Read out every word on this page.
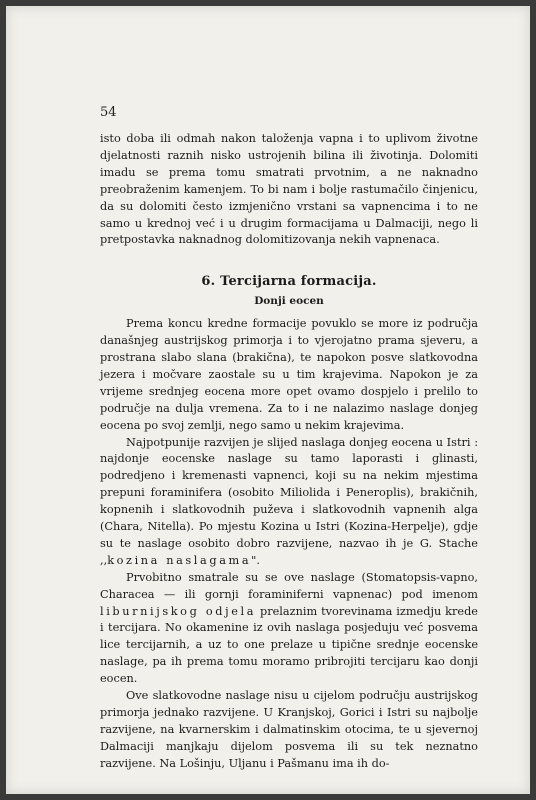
54

isto doba ili odmah nakon taloženja vapna i to uplivom životne djelatnosti raznih nisko ustrojenih bilina ili životinja. Dolomiti imadu se prema tomu smatrati prvotnim, a ne naknadno preobraženim kamenjem. To bi nam i bolje rastumačilo činjenicu, da su dolomiti često izmjenično vrstani sa vapnencima i to ne samo u krednoj već i u drugim formacijama u Dalmaciji, nego li pretpostavka naknadnog dolomitizovanja nekih vapnenaca.

6. Tercijarna formacija.
Donji eocen

Prema koncu kredne formacije povuklo se more iz područja današnjeg austrijskog primorja i to vjerojatno prama sjeveru, a prostrana slabo slana (brakična), te napokon posve slatkovodna jezera i močvare zaostale su u tim krajevima. Napokon je za vrijeme srednjeg eocena more opet ovamo dospjelo i prelilo to područje na dulja vremena. Za to i ne nalazimo naslage donjeg eocena po svoj zemlji, nego samo u nekim krajevima.

Najpotpunije razvijen je slijed naslaga donjeg eocena u Istri : najdonje eocenske naslage su tamo laporasti i glinasti, podredjeno i kremenasti vapnenci, koji su na nekim mjestima prepuni foraminifera (osobito Miliolida i Peneroplis), brakičnih, kopnenih i slatkovodnih puževa i slatkovodnih vapnenih alga (Chara, Nitella). Po mjestu Kozina u Istri (Kozina-Herpelje), gdje su te naslage osobito dobro razvijene, nazvao ih je G. Stache ,,kozina naslagama".

Prvobitno smatrale su se ove naslage (Stomatopsis-vapno, Characea — ili gornji foraminiferni vapnenac) pod imenom liburnijskog odjela prelaznim tvorevinama izmedju krede i tercijara. No okamenine iz ovih naslaga posjeduju već posvema lice tercijarnih, a uz to one prelaze u tipične srednje eocenske naslage, pa ih prema tomu moramo pribrojiti tercijaru kao donji eocen.

Ove slatkovodne naslage nisu u cijelom području austrijskog primorja jednako razvijene. U Kranjskoj, Gorici i Istri su najbolje razvijene, na kvarnerskim i dalmatinskim otocima, te u sjevernoj Dalmaciji manjkaju dijelom posvema ili su tek neznatno razvijene. Na Lošinju, Uljanu i Pašmanu ima ih do-
